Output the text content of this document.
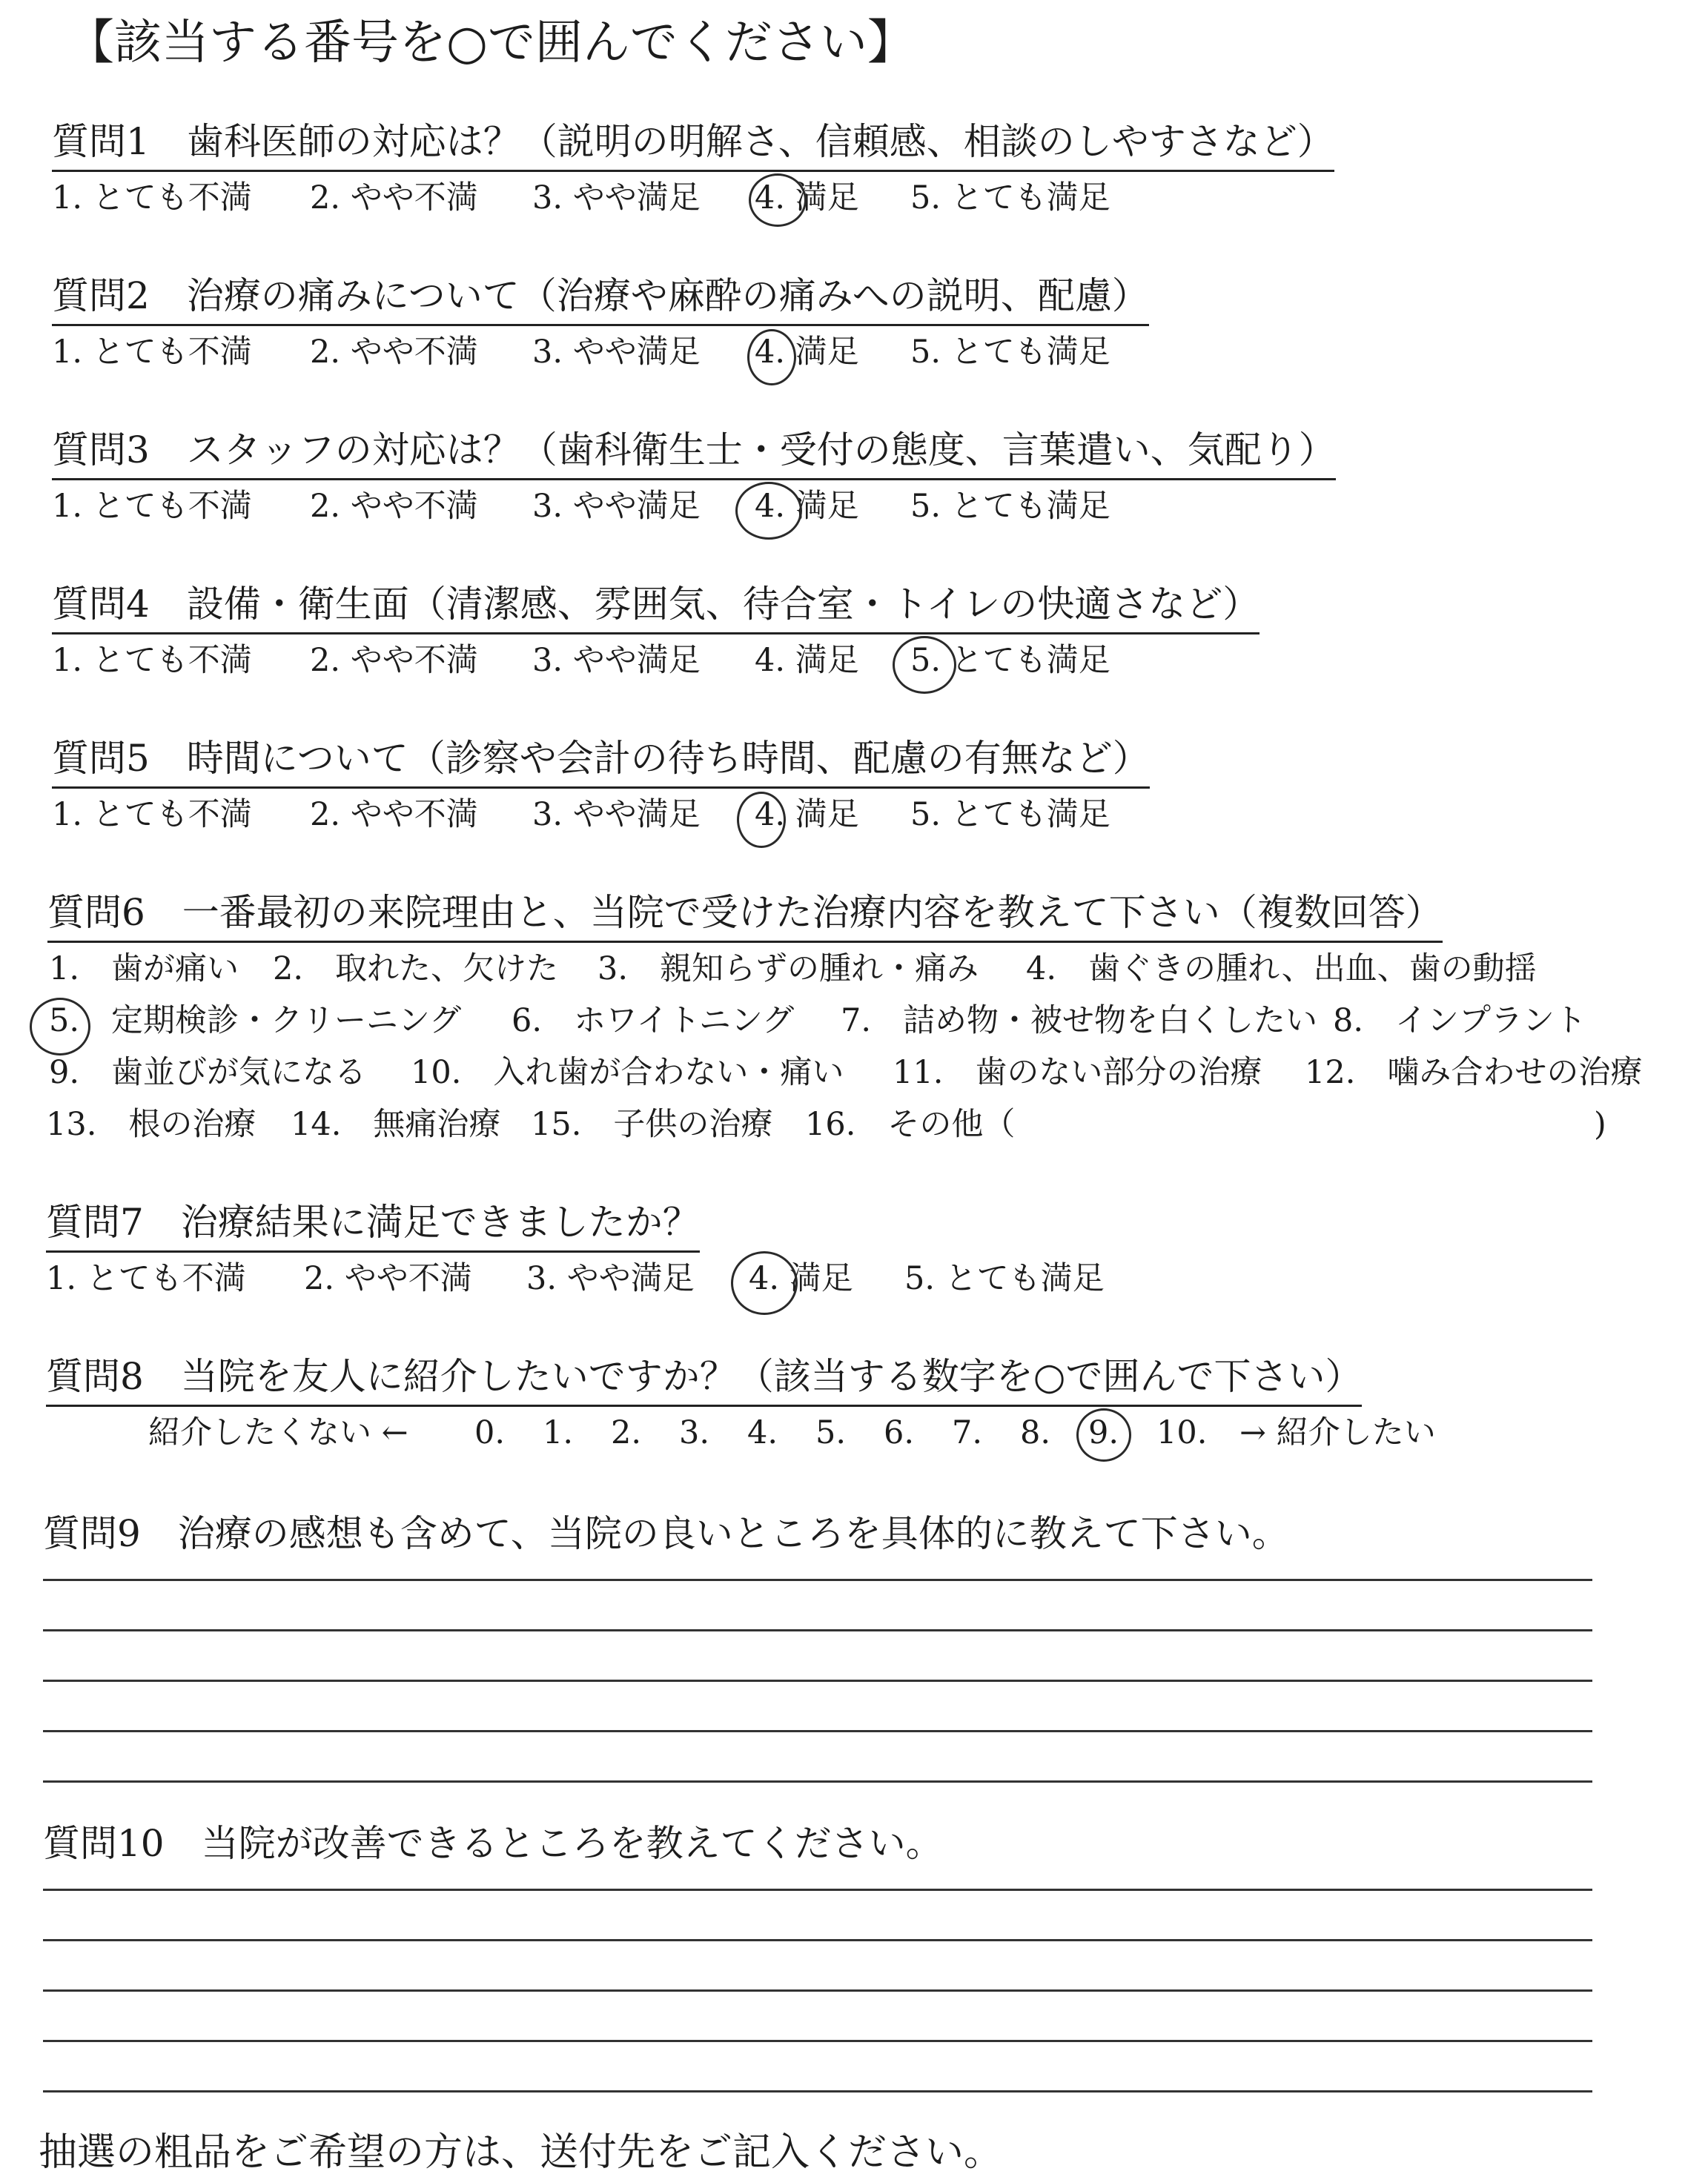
【該当する番号を○で囲んでください】
質問1　歯科医師の対応は？（説明の明解さ、信頼感、相談のしやすさなど）
1. とても不満 2. やや不満 3. やや満足 4. 満足 5. とても満足
質問2　治療の痛みについて（治療や麻酔の痛みへの説明、配慮）
1. とても不満 2. やや不満 3. やや満足 4. 満足 5. とても満足
質問3　スタッフの対応は？（歯科衛生士・受付の態度、言葉遣い、気配り）
1. とても不満 2. やや不満 3. やや満足 4. 満足 5. とても満足
質問4　設備・衛生面（清潔感、雰囲気、待合室・トイレの快適さなど）
1. とても不満 2. やや不満 3. やや満足 4. 満足 5. とても満足
質問5　時間について（診察や会計の待ち時間、配慮の有無など）
1. とても不満 2. やや不満 3. やや満足 4. 満足 5. とても満足
質問6　一番最初の来院理由と、当院で受けた治療内容を教えて下さい（複数回答）
1.　歯が痛い 2.　取れた、欠けた 3.　親知らずの腫れ・痛み 4.　歯ぐきの腫れ、出血、歯の動揺
5.　定期検診・クリーニング 6.　ホワイトニング 7.　詰め物・被せ物を白くしたい 8.　インプラント
9.　歯並びが気になる 10.　入れ歯が合わない・痛い 11.　歯のない部分の治療 12.　噛み合わせの治療
13.　根の治療 14.　無痛治療 15.　子供の治療 16.　その他（	)
質問7　治療結果に満足できましたか？
1. とても不満 2. やや不満 3. やや満足 4. 満足 5. とても満足
質問8　当院を友人に紹介したいですか？（該当する数字を○で囲んで下さい）
紹介したくない ← 0. 1. 2. 3. 4. 5. 6. 7. 8. 9. 10. → 紹介したい
質問9　治療の感想も含めて、当院の良いところを具体的に教えて下さい。
質問10　当院が改善できるところを教えてください。
抽選の粗品をご希望の方は、送付先をご記入ください。
